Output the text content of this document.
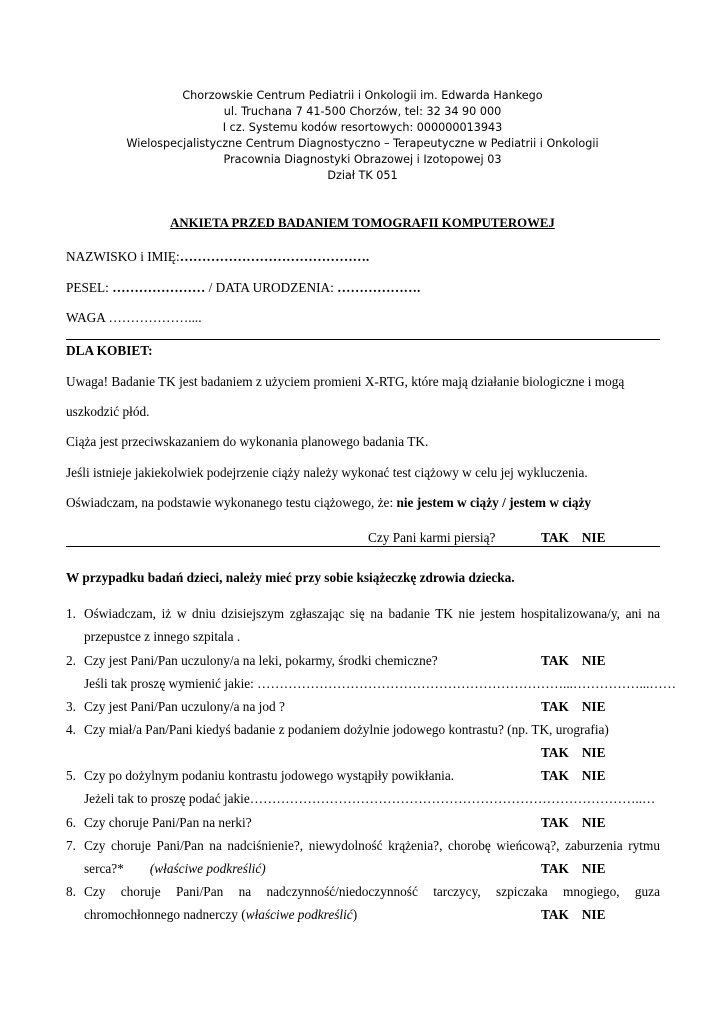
Chorzowskie Centrum Pediatrii i Onkologii im. Edwarda Hankego
ul. Truchana 7 41-500 Chorzów, tel: 32 34 90 000
I cz. Systemu kodów resortowych: 000000013943
Wielospecjalistyczne Centrum Diagnostyczno – Terapeutyczne w Pediatrii i Onkologii
Pracownia Diagnostyki Obrazowej i Izotopowej 03
Dział TK 051
ANKIETA PRZED BADANIEM TOMOGRAFII KOMPUTEROWEJ
NAZWISKO i IMIĘ:…………………………………….
PESEL: ………………… / DATA URODZENIA: ……………….
WAGA ………………....
DLA KOBIET:
Uwaga! Badanie TK jest badaniem z użyciem promieni X-RTG, które mają działanie biologiczne i mogą
uszkodzić płód.
Ciąża jest przeciwskazaniem do wykonania planowego badania TK.
Jeśli istnieje jakiekolwiek podejrzenie ciąży należy wykonać test ciążowy w celu jej wykluczenia.
Oświadczam, na podstawie wykonanego testu ciążowego, że: nie jestem w ciąży / jestem w ciąży
Czy Pani karmi piersią?	TAK NIE
W przypadku badań dzieci, należy mieć przy sobie książeczkę zdrowia dziecka.
1. Oświadczam, iż w dniu dzisiejszym zgłaszając się na badanie TK nie jestem hospitalizowana/y, ani na
przepustce z innego szpitala .
2. Czy jest Pani/Pan uczulony/a na leki, pokarmy, środki chemiczne?	TAK NIE
Jeśli tak proszę wymienić jakie: ……………………………………………………………...……………...……
3. Czy jest Pani/Pan uczulony/a na jod ?	TAK NIE
4. Czy miał/a Pan/Pani kiedyś badanie z podaniem dożylnie jodowego kontrastu? (np. TK, urografia)
TAK NIE
5. Czy po dożylnym podaniu kontrastu jodowego wystąpiły powikłania.	TAK NIE
Jeżeli tak to proszę podać jakie……………………………………………………………………………..…
6. Czy choruje Pani/Pan na nerki?	TAK NIE
7. Czy choruje Pani/Pan na nadciśnienie?, niewydolność krążenia?, chorobę wieńcową?, zaburzenia rytmu
serca?* (właściwe podkreślić)	TAK NIE
8. Czy choruje Pani/Pan na nadczynność/niedoczynność tarczycy, szpiczaka mnogiego, guza
chromochłonnego nadnerczy (właściwe podkreślić)	TAK NIE
